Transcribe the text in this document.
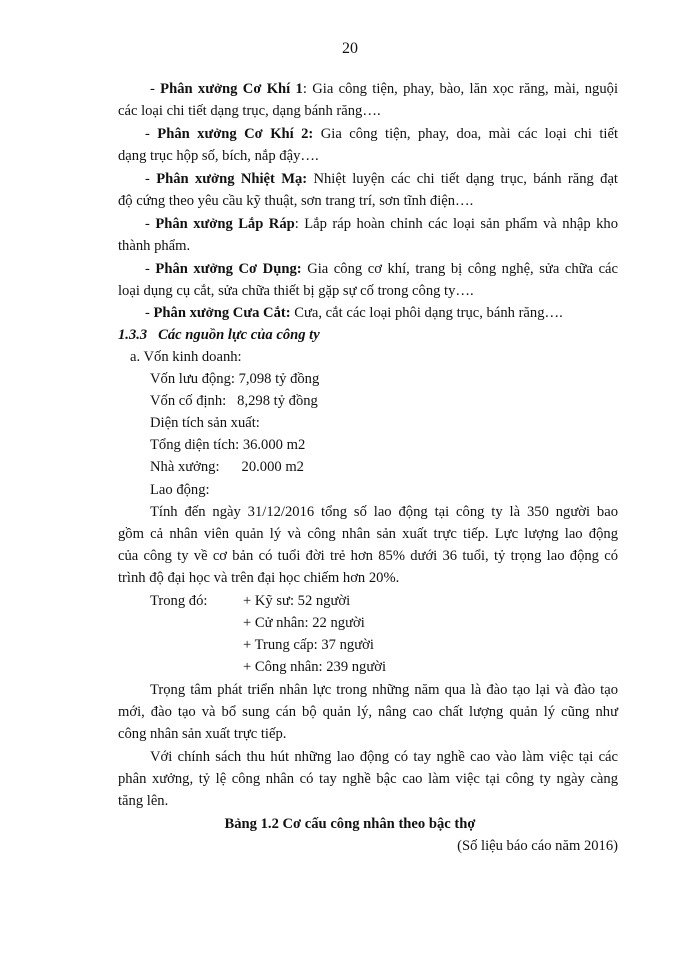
20
- Phân xưởng Cơ Khí 1: Gia công tiện, phay, bào, lăn xọc răng, mài, nguội
các loại chi tiết dạng trục, dạng bánh răng….
- Phân xưởng Cơ Khí 2: Gia công tiện, phay, doa, mài các loại chi tiết
dạng trục hộp số, bích, nắp đậy….
- Phân xưởng Nhiệt Mạ: Nhiệt luyện các chi tiết dạng trục, bánh răng đạt
độ cứng theo yêu cầu kỹ thuật, sơn trang trí, sơn tĩnh điện….
- Phân xưởng Lắp Ráp: Lắp ráp hoàn chỉnh các loại sản phẩm và nhập kho
thành phẩm.
- Phân xưởng Cơ Dụng: Gia công cơ khí, trang bị công nghệ, sửa chữa các
loại dụng cụ cắt, sửa chữa thiết bị gặp sự cố trong công ty….
- Phân xưởng Cưa Cắt: Cưa, cắt các loại phôi dạng trục, bánh răng….
1.3.3 Các nguồn lực của công ty
a. Vốn kinh doanh:
Vốn lưu động: 7,098 tỷ đồng
Vốn cố định: 8,298 tỷ đồng
Diện tích sản xuất:
Tổng diện tích: 36.000 m2
Nhà xưởng: 20.000 m2
Lao động:
Tính đến ngày 31/12/2016 tổng số lao động tại công ty là 350 người bao
gồm cả nhân viên quản lý và công nhân sản xuất trực tiếp. Lực lượng lao động
của công ty về cơ bản có tuổi đời trẻ hơn 85% dưới 36 tuổi, tỷ trọng lao động có
trình độ đại học và trên đại học chiếm hơn 20%.
Trong đó:	+ Kỹ sư: 52 người
+ Cử nhân: 22 người
+ Trung cấp: 37 người
+ Công nhân: 239 người
Trọng tâm phát triển nhân lực trong những năm qua là đào tạo lại và đào tạo
mới, đào tạo và bổ sung cán bộ quản lý, nâng cao chất lượng quản lý cũng như
công nhân sản xuất trực tiếp.
Với chính sách thu hút những lao động có tay nghề cao vào làm việc tại các
phân xưởng, tỷ lệ công nhân có tay nghề bậc cao làm việc tại công ty ngày càng
tăng lên.
Bảng 1.2 Cơ cấu công nhân theo bậc thợ
(Số liệu báo cáo năm 2016)
